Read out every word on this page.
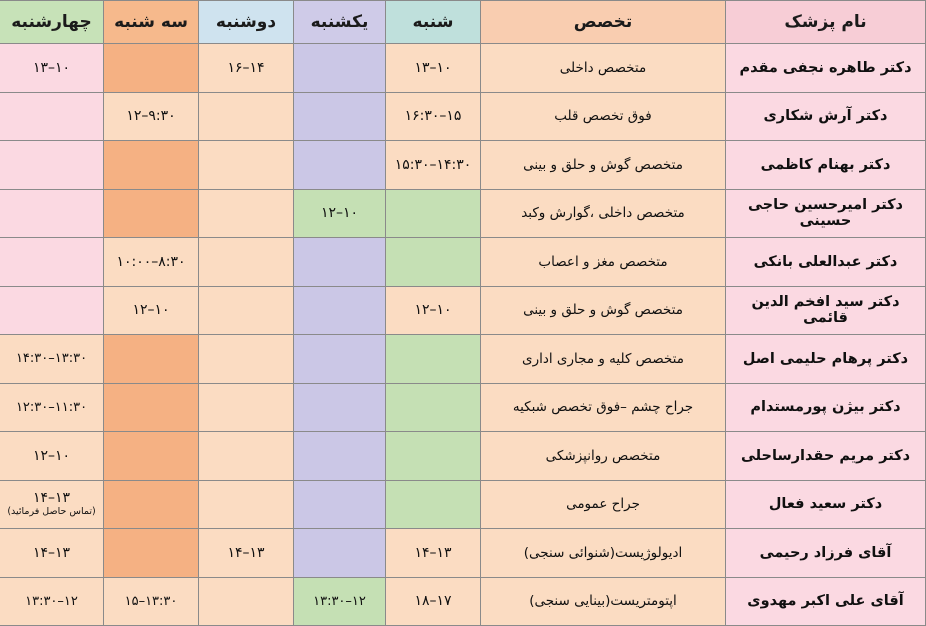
نام پزشک	تخصص	شنبه	یکشنبه	دوشنبه	سه شنبه	چهارشنبه
دکتر طاهره نجفی مقدم	متخصص داخلی	۱۰–۱۳		۱۴–۱۶		۱۰–۱۳
دکتر آرش شکاری	فوق تخصص قلب	۱۵–۱۶:۳۰			۹:۳۰–۱۲	
دکتر بهنام کاظمی	متخصص گوش و حلق و بینی	۱۴:۳۰–۱۵:۳۰				
دکتر امیرحسین حاجی حسینی	متخصص داخلی ،گوارش وکبد		۱۰–۱۲			
دکتر عبدالعلی بانکی	متخصص مغز و اعصاب				۸:۳۰–۱۰:۰۰	
دکتر سید افخم الدین قائمی	متخصص گوش و حلق و بینی	۱۰–۱۲			۱۰–۱۲	
دکتر پرهام حلیمی اصل	متخصص کلیه و مجاری اداری					۱۳:۳۰–۱۴:۳۰
دکتر بیژن پورمستدام	جراح چشم –فوق تخصص شبکیه					۱۱:۳۰–۱۲:۳۰
دکتر مریم حقدارساحلی	متخصص روانپزشکی					۱۰–۱۲
دکتر سعید فعال	جراح عمومی					۱۳–۱۴
(تماس حاصل فرمائید)

آقای فرزاد رحیمی	ادیولوژیست(شنوائی سنجی)	۱۳–۱۴		۱۳–۱۴		۱۳–۱۴
آقای علی اکبر مهدوی	اپتومتریست(بینایی سنجی)	۱۷–۱۸	۱۲–۱۳:۳۰		۱۳:۳۰–۱۵	۱۲–۱۳:۳۰
